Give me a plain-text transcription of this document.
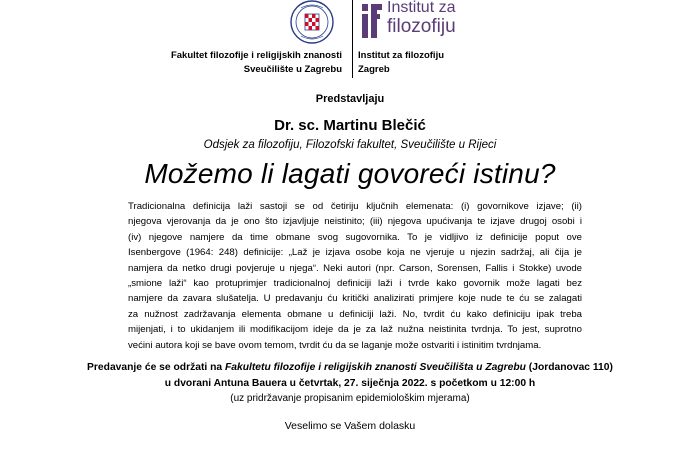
Institut za
filozofiju
Fakultet filozofije i religijskih znanosti
Sveučilište u Zagrebu
Institut za filozofiju
Zagreb
Predstavljaju
Dr. sc. Martinu Blečić
Odsjek za filozofiju, Filozofski fakultet, Sveučilište u Rijeci
Možemo li lagati govoreći istinu?
Tradicionalna definicija laži sastoji se od četiriju ključnih elemenata: (i) govornikove izjave; (ii)
njegova vjerovanja da je ono što izjavljuje neistinito; (iii) njegova upućivanja te izjave drugoj osobi i
(iv) njegove namjere da time obmane svog sugovornika. To je vidljivo iz definicije poput ove
Isenbergove (1964: 248) definicije: „Laž je izjava osobe koja ne vjeruje u njezin sadržaj, ali čija je
namjera da netko drugi povjeruje u njega“. Neki autori (npr. Carson, Sorensen, Fallis i Stokke) uvode
„smione laži“ kao protuprimjer tradicionalnoj definiciji laži i tvrde kako govornik može lagati bez
namjere da zavara slušatelja. U predavanju ću kritički analizirati primjere koje nude te ću se zalagati
za nužnost zadržavanja elementa obmane u definiciji laži. No, tvrdit ću kako definiciju ipak treba
mijenjati, i to ukidanjem ili modifikacijom ideje da je za laž nužna neistinita tvrdnja. To jest, suprotno
većini autora koji se bave ovom temom, tvrdit ću da se laganje može ostvariti i istinitim tvrdnjama.
Predavanje će se održati na Fakultetu filozofije i religijskih znanosti Sveučilišta u Zagrebu (Jordanovac 110)
u dvorani Antuna Bauera u četvrtak, 27. siječnja 2022. s početkom u 12:00 h
(uz pridržavanje propisanim epidemiološkim mjerama)
Veselimo se Vašem dolasku
